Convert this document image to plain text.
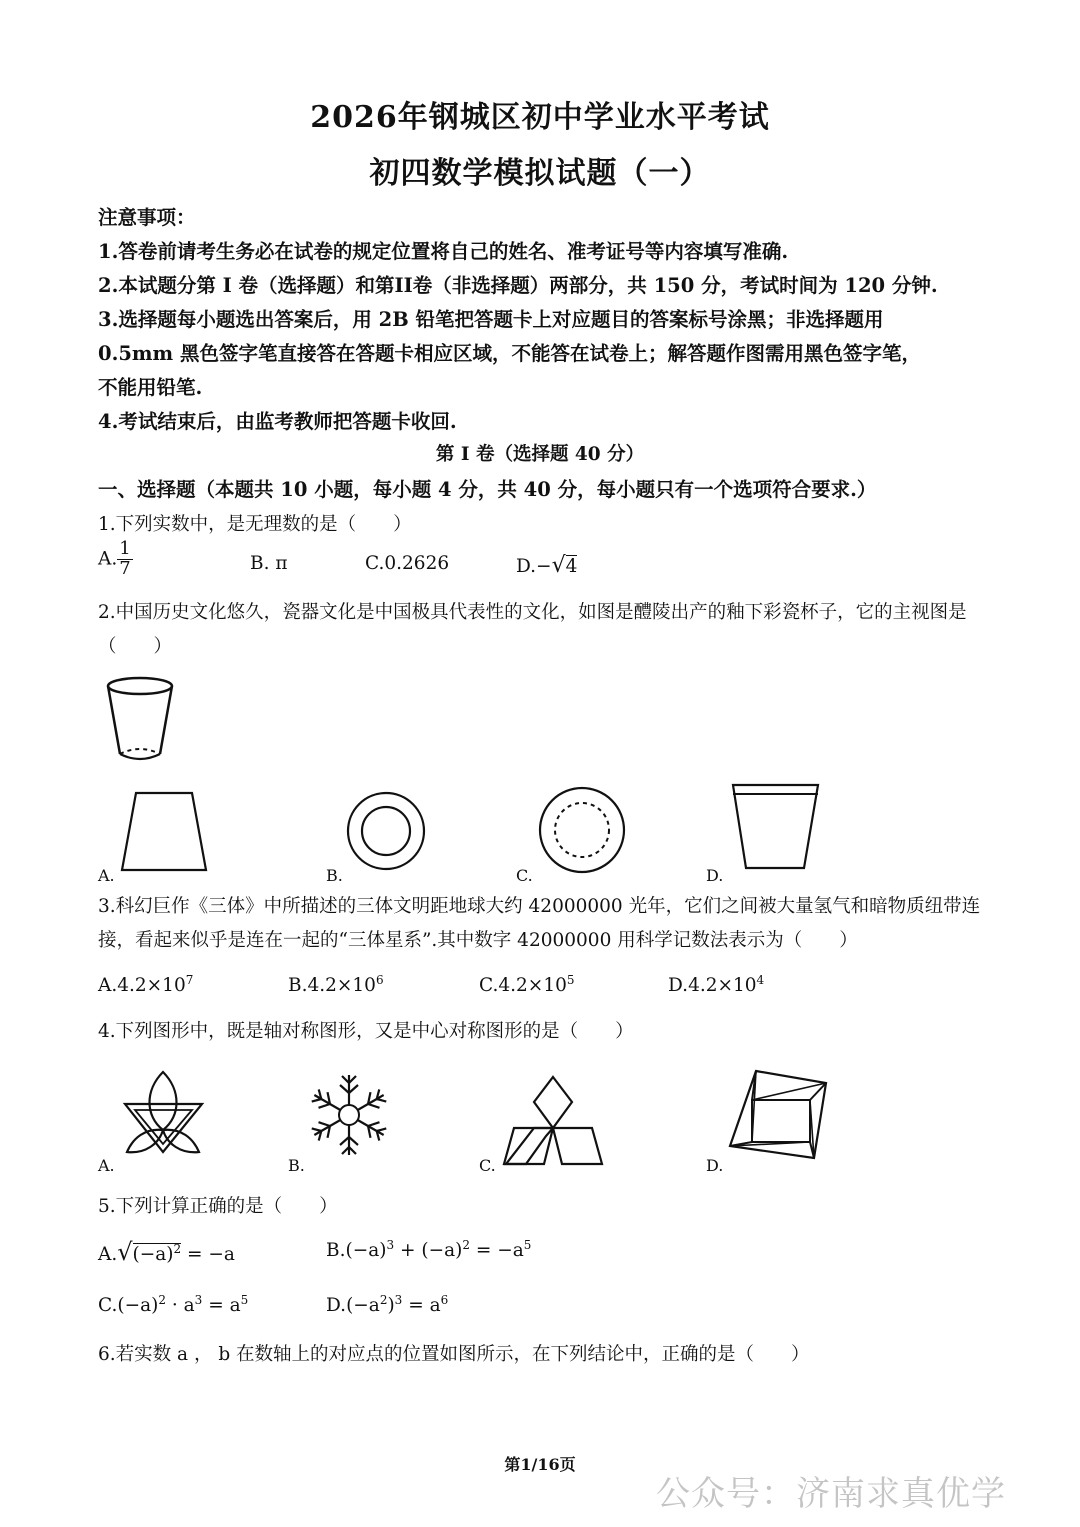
2026年钢城区初中学业水平考试
初四数学模拟试题（一）
注意事项：
1.答卷前请考生务必在试卷的规定位置将自己的姓名、准考证号等内容填写准确.
2.本试题分第 I 卷（选择题）和第II卷（非选择题）两部分，共 150 分，考试时间为 120 分钟.
3.选择题每小题选出答案后，用 2B 铅笔把答题卡上对应题目的答案标号涂黑；非选择题用
0.5mm 黑色签字笔直接答在答题卡相应区域，不能答在试卷上；解答题作图需用黑色签字笔，
不能用铅笔.
4.考试结束后，由监考教师把答题卡收回.
第 I 卷（选择题 40 分）
一、选择题（本题共 10 小题，每小题 4 分，共 40 分，每小题只有一个选项符合要求.）
1.下列实数中，是无理数的是（　　）
A. $\frac{1}{7}$	B. π	C.0.2626	D.−√4
2.中国历史文化悠久，瓷器文化是中国极具代表性的文化，如图是醴陵出产的釉下彩瓷杯子，它的主视图是
（　　）
A.	B.	C.	D.
3.科幻巨作《三体》中所描述的三体文明距地球大约 42000000 光年，它们之间被大量氢气和暗物质纽带连
接，看起来似乎是连在一起的“三体星系”.其中数字 42000000 用科学记数法表示为（　　）
$A.4.2\times 10^7$	$B.4.2\times 10^6$	$C.4.2\times 10^5$	$D.4.2\times 10^4$
4.下列图形中，既是轴对称图形，又是中心对称图形的是（　　）
A.	B.	C.	D.
5.下列计算正确的是（　　）
$A.√(-a)^2 = -a$	$B.(-a)^3 + (-a)^2 = -a^5$
$C.(-a)^2 \cdot a^3 = a^5$	$D.(-a^2)^3 = a^6$
6.若实数 a ， b 在数轴上的对应点的位置如图所示，在下列结论中，正确的是（　　）
第1/16页
公众号：济南求真优学
